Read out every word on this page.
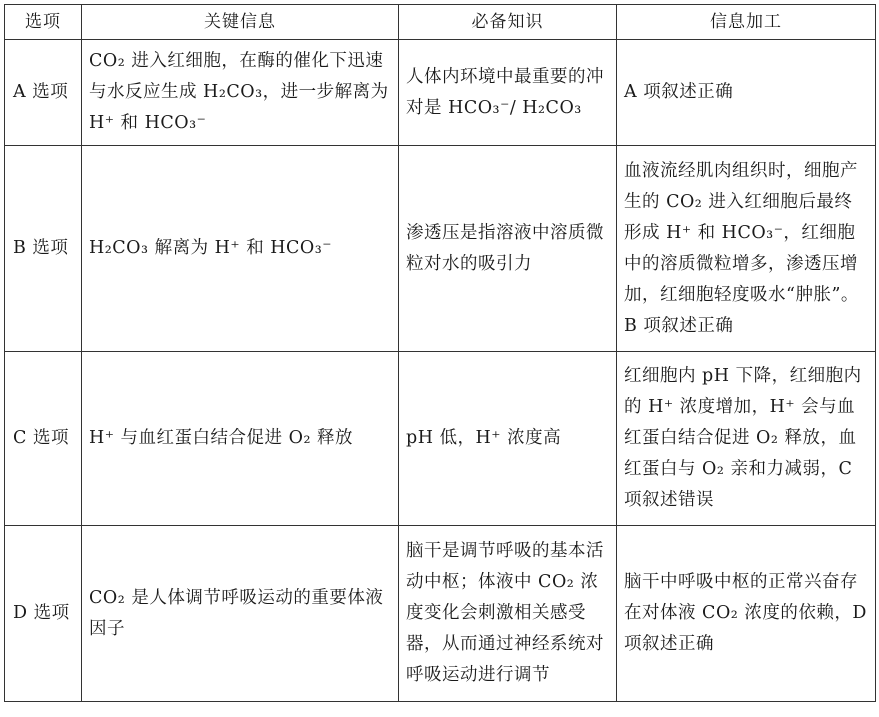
选项	关键信息	必备知识	信息加工
A 选项	CO₂ 进入红细胞，在酶的催化下迅速与水反应生成 H₂CO₃，进一步解离为 H⁺ 和 HCO₃⁻	人体内环境中最重要的冲对是 HCO₃⁻/ H₂CO₃	A 项叙述正确
B 选项	H₂CO₃ 解离为 H⁺ 和 HCO₃⁻	渗透压是指溶液中溶质微粒对水的吸引力	血液流经肌肉组织时，细胞产生的 CO₂ 进入红细胞后最终形成 H⁺ 和 HCO₃⁻，红细胞中的溶质微粒增多，渗透压增加，红细胞轻度吸水“肿胀”。B 项叙述正确
C 选项	H⁺ 与血红蛋白结合促进 O₂ 释放	pH 低，H⁺ 浓度高	红细胞内 pH 下降，红细胞内的 H⁺ 浓度增加，H⁺ 会与血红蛋白结合促进 O₂ 释放，血红蛋白与 O₂ 亲和力减弱，C 项叙述错误
D 选项	CO₂ 是人体调节呼吸运动的重要体液因子	脑干是调节呼吸的基本活动中枢；体液中 CO₂ 浓度变化会刺激相关感受器，从而通过神经系统对呼吸运动进行调节	脑干中呼吸中枢的正常兴奋存在对体液 CO₂ 浓度的依赖，D 项叙述正确
